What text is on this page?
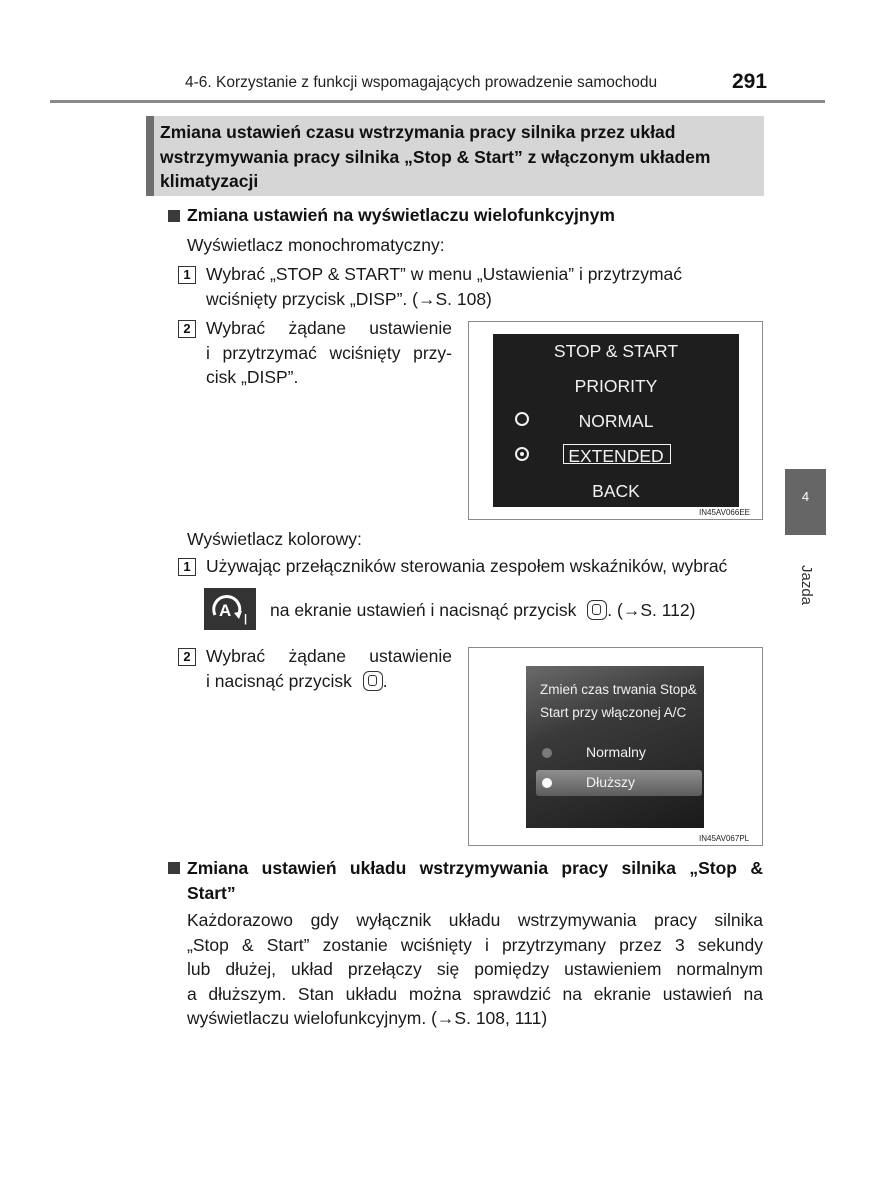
4-6. Korzystanie z funkcji wspomagających prowadzenie samochodu	291
Zmiana ustawień czasu wstrzymania pracy silnika przez układ
wstrzymywania pracy silnika „Stop & Start” z włączonym układem
klimatyzacji
Zmiana ustawień na wyświetlaczu wielofunkcyjnym
Wyświetlacz monochromatyczny:
1 Wybrać „STOP & START” w menu „Ustawienia” i przytrzymać
wciśnięty przycisk „DISP”. (→S. 108)
2 Wybrać żądane ustawienie
i przytrzymać wciśnięty przy-
cisk „DISP”.
STOP & START
PRIORITY
NORMAL
EXTENDED
BACK
IN45AV066EE
Wyświetlacz kolorowy:
1 Używając przełączników sterowania zespołem wskaźników, wybrać
A | na ekranie ustawień i nacisnąć przycisk . (→S. 112)
2 Wybrać żądane ustawienie
i nacisnąć przycisk .	Zmień czas trwania Stop&
Start przy włączonej A/C
Normalny
Dłuższy
IN45AV067PL
Zmiana ustawień układu wstrzymywania pracy silnika „Stop &
Start”
Każdorazowo gdy wyłącznik układu wstrzymywania pracy silnika
„Stop & Start” zostanie wciśnięty i przytrzymany przez 3 sekundy
lub dłużej, układ przełączy się pomiędzy ustawieniem normalnym
a dłuższym. Stan układu można sprawdzić na ekranie ustawień na
wyświetlaczu wielofunkcyjnym. (→S. 108, 111)
4
Jazda
